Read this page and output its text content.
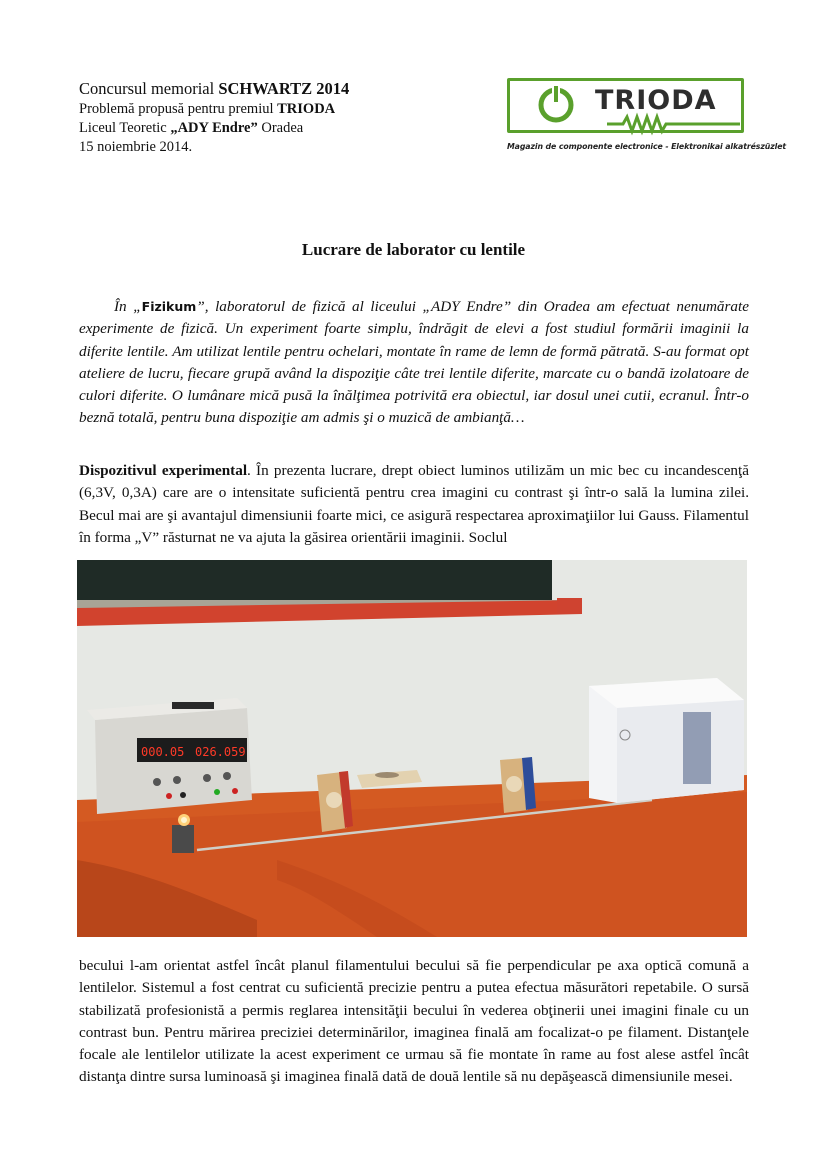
Concursul memorial SCHWARTZ 2014
Problemă propusă pentru premiul TRIODA
Liceul Teoretic „ADY Endre” Oradea
15 noiembrie 2014.
TRIODA
Magazin de componente electronice - Elektronikai alkatrészüzlet
Lucrare de laborator cu lentile

În „Fizikum”, laboratorul de fizică al liceului „ADY Endre” din Oradea am efectuat nenumărate experimente de fizică. Un experiment foarte simplu, îndrăgit de elevi a fost studiul formării imaginii la diferite lentile. Am utilizat lentile pentru ochelari, montate în rame de lemn de formă pătrată. S-au format opt ateliere de lucru, fiecare grupă având la dispoziţie câte trei lentile diferite, marcate cu o bandă izolatoare de culori diferite. O lumânare mică pusă la înălţimea potrivită era obiectul, iar dosul unei cutii, ecranul. Într-o beznă totală, pentru buna dispoziţie am admis şi o muzică de ambianţă…

Dispozitivul experimental. În prezenta lucrare, drept obiect luminos utilizăm un mic bec cu incandescenţă (6,3V, 0,3A) care are o intensitate suficientă pentru crea imagini cu contrast şi într-o sală la lumina zilei. Becul mai are şi avantajul dimensiunii foarte mici, ce asigură respectarea aproximaţiilor lui Gauss. Filamentul în forma „V” răsturnat ne va ajuta la găsirea orientării imaginii. Soclul

000.05 026.059

becului l-am orientat astfel încât planul filamentului becului să fie perpendicular pe axa optică comună a lentilelor. Sistemul a fost centrat cu suficientă precizie pentru a putea efectua măsurători repetabile. O sursă stabilizată profesionistă a permis reglarea intensităţii becului în vederea obţinerii unei imagini finale cu un contrast bun. Pentru mărirea preciziei determinărilor, imaginea finală am focalizat-o pe filament. Distanţele focale ale lentilelor utilizate la acest experiment ce urmau să fie montate în rame au fost alese astfel încât distanţa dintre sursa luminoasă şi imaginea finală dată de două lentile să nu depăşească dimensiunile mesei.
